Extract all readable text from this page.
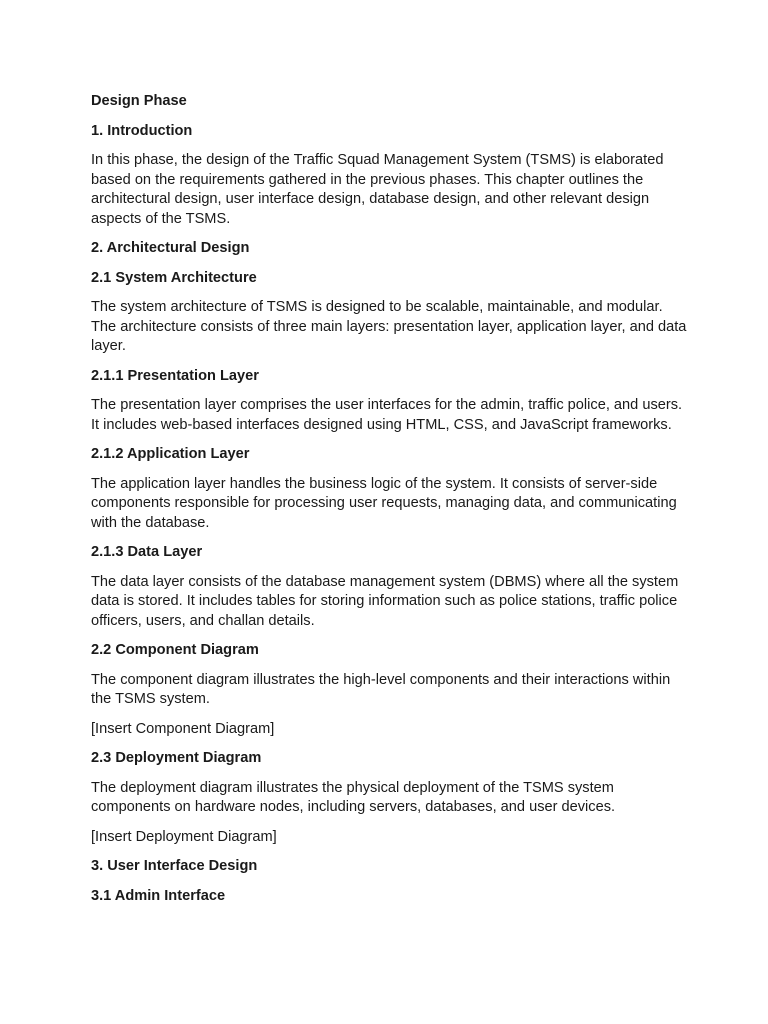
Design Phase

1. Introduction

In this phase, the design of the Traffic Squad Management System (TSMS) is elaborated based on the requirements gathered in the previous phases. This chapter outlines the architectural design, user interface design, database design, and other relevant design aspects of the TSMS.

2. Architectural Design

2.1 System Architecture

The system architecture of TSMS is designed to be scalable, maintainable, and modular. The architecture consists of three main layers: presentation layer, application layer, and data layer.

2.1.1 Presentation Layer

The presentation layer comprises the user interfaces for the admin, traffic police, and users. It includes web-based interfaces designed using HTML, CSS, and JavaScript frameworks.

2.1.2 Application Layer

The application layer handles the business logic of the system. It consists of server-side components responsible for processing user requests, managing data, and communicating with the database.

2.1.3 Data Layer

The data layer consists of the database management system (DBMS) where all the system data is stored. It includes tables for storing information such as police stations, traffic police officers, users, and challan details.

2.2 Component Diagram

The component diagram illustrates the high-level components and their interactions within the TSMS system.

[Insert Component Diagram]

2.3 Deployment Diagram

The deployment diagram illustrates the physical deployment of the TSMS system components on hardware nodes, including servers, databases, and user devices.

[Insert Deployment Diagram]

3. User Interface Design

3.1 Admin Interface
